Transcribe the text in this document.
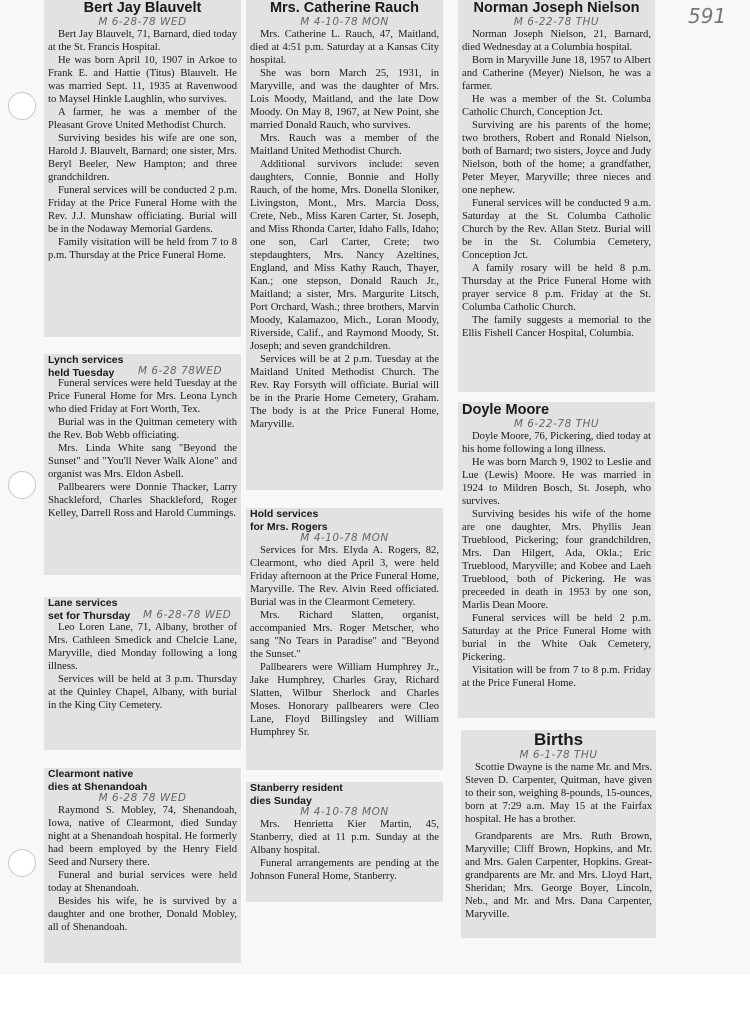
591
Bert Jay Blauvelt
M 6-28-78 WED

Bert Jay Blauvelt, 71, Barnard, died today at the St. Francis Hospital.

He was born April 10, 1907 in Arkoe to Frank E. and Hattie (Titus) Blauvelt. He was married Sept. 11, 1935 at Ravenwood to Maysel Hinkle Laughlin, who survives.

A farmer, he was a member of the Pleasant Grove United Methodist Church.

Surviving besides his wife are one son, Harold J. Blauvelt, Barnard; one sister, Mrs. Beryl Beeler, New Hampton; and three grandchildren.

Funeral services will be conducted 2 p.m. Friday at the Price Funeral Home with the Rev. J.J. Munshaw officiating. Burial will be in the Nodaway Memorial Gardens.

Family visitation will be held from 7 to 8 p.m. Thursday at the Price Funeral Home.

Lynch services
held Tuesday	M 6-28 78WED

Funeral services were held Tuesday at the Price Funeral Home for Mrs. Leona Lynch who died Friday at Fort Worth, Tex.

Burial was in the Quitman cemetery with the Rev. Bob Webb officiating.

Mrs. Linda White sang "Beyond the Sunset" and "You'll Never Walk Alone" and organist was Mrs. Eldon Asbell.

Pallbearers were Donnie Thacker, Larry Shackleford, Charles Shackleford, Roger Kelley, Darrell Ross and Harold Cummings.

Lane services
set for Thursday	M 6-28-78 WED

Leo Loren Lane, 71, Albany, brother of Mrs. Cathleen Smedick and Chelcie Lane, Maryville, died Monday following a long illness.

Services will be held at 3 p.m. Thursday at the Quinley Chapel, Albany, with burial in the King City Cemetery.

Clearmont native
dies at Shenandoah
M 6-28 78 WED

Raymond S. Mobley, 74, Shenandoah, Iowa, native of Clearmont, died Sunday night at a Shenandoah hospital. He formerly had beern employed by the Henry Field Seed and Nursery there.

Funeral and burial services were held today at Shenandoah.

Besides his wife, he is survived by a daughter and one brother, Donald Mobley, all of Shenandoah.

Mrs. Catherine Rauch
M 4-10-78 MON

Mrs. Catherine L. Rauch, 47, Maitland, died at 4:51 p.m. Saturday at a Kansas City hospital.

She was born March 25, 1931, in Maryville, and was the daughter of Mrs. Lois Moody, Maitland, and the late Dow Moody. On May 8, 1967, at New Point, she married Donald Rauch, who survives.

Mrs. Rauch was a member of the Maitland United Methodist Church.

Additional survivors include: seven daughters, Connie, Bonnie and Holly Rauch, of the home, Mrs. Donella Sloniker, Livingston, Mont., Mrs. Marcia Doss, Crete, Neb., Miss Karen Carter, St. Joseph, and Miss Rhonda Carter, Idaho Falls, Idaho; one son, Carl Carter, Crete; two stepdaughters, Mrs. Nancy Azeltines, England, and Miss Kathy Rauch, Thayer, Kan.; one stepson, Donald Rauch Jr., Maitland; a sister, Mrs. Margurite Litsch, Port Orchard, Wash.; three brothers, Marvin Moody, Kalamazoo, Mich., Loran Moody, Riverside, Calif., and Raymond Moody, St. Joseph; and seven grandchildren.

Services will be at 2 p.m. Tuesday at the Maitland United Methodist Church. The Rev. Ray Forsyth will officiate. Burial will be in the Prarie Home Cemetery, Graham. The body is at the Price Funeral Home, Maryville.

Hold services
for Mrs. Rogers
M 4-10-78 MON

Services for Mrs. Elyda A. Rogers, 82, Clearmont, who died April 3, were held Friday afternoon at the Price Funeral Home, Maryville. The Rev. Alvin Reed officiated. Burial was in the Clearmont Cemetery.

Mrs. Richard Slatten, organist, accompanied Mrs. Roger Metscher, who sang "No Tears in Paradise" and "Beyond the Sunset."

Pallbearers were William Humphrey Jr., Jake Humphrey, Charles Gray, Richard Slatten, Wilbur Sherlock and Charles Moses. Honorary pallbearers were Cleo Lane, Floyd Billingsley and William Humphrey Sr.

Stanberry resident
dies Sunday
M 4-10-78 MON

Mrs. Henrietta Kier Martin, 45, Stanberry, died at 11 p.m. Sunday at the Albany hospital.

Funeral arrangements are pending at the Johnson Funeral Home, Stanberry.

Norman Joseph Nielson
M 6-22-78 THU

Norman Joseph Nielson, 21, Barnard, died Wednesday at a Columbia hospital.

Born in Maryville June 18, 1957 to Albert and Catherine (Meyer) Nielson, he was a farmer.

He was a member of the St. Columba Catholic Church, Conception Jct.

Surviving are his parents of the home; two brothers, Robert and Ronald Nielson, both of Barnard; two sisters, Joyce and Judy Nielson, both of the home; a grandfather, Peter Meyer, Maryville; three nieces and one nephew.

Funeral services will be conducted 9 a.m. Saturday at the St. Columba Catholic Church by the Rev. Allan Stetz. Burial will be in the St. Columbia Cemetery, Conception Jct.

A family rosary will be held 8 p.m. Thursday at the Price Funeral Home with prayer service 8 p.m. Friday at the St. Columba Catholic Church.

The family suggests a memorial to the Ellis Fishell Cancer Hospital, Columbia.

Doyle Moore
M 6-22-78 THU

Doyle Moore, 76, Pickering, died today at his home following a long illness.

He was born March 9, 1902 to Leslie and Lue (Lewis) Moore. He was married in 1924 to Mildren Bosch, St. Joseph, who survives.

Surviving besides his wife of the home are one daughter, Mrs. Phyllis Jean Trueblood, Pickering; four grandchildren, Mrs. Dan Hilgert, Ada, Okla.; Eric Trueblood, Maryville; and Kobee and Laeh Trueblood, both of Pickering. He was preceeded in death in 1953 by one son, Marlis Dean Moore.

Funeral services will be held 2 p.m. Saturday at the Price Funeral Home with burial in the White Oak Cemetery, Pickering.

Visitation will be from 7 to 8 p.m. Friday at the Price Funeral Home.

Births
M 6-1-78 THU

Scottie Dwayne is the name Mr. and Mrs. Steven D. Carpenter, Quitman, have given to their son, weighing 8-pounds, 15-ounces, born at 7:29 a.m. May 15 at the Fairfax hospital. He has a brother.

Grandparents are Mrs. Ruth Brown, Maryville; Cliff Brown, Hopkins, and Mr. and Mrs. Galen Carpenter, Hopkins. Great-grandparents are Mr. and Mrs. Lloyd Hart, Sheridan; Mrs. George Boyer, Lincoln, Neb., and Mr. and Mrs. Dana Carpenter, Maryville.
